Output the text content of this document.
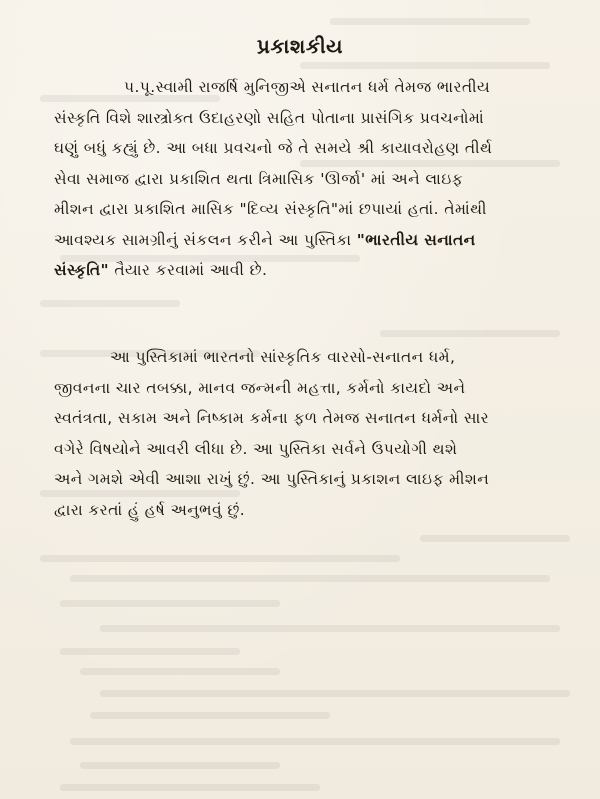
પ્રકાશકીય
પ.પૂ.સ્વામી રાજર્ષિ મુનિજીએ સનાતન ધર્મ તેમજ ભારતીય
સંસ્કૃતિ વિશે શાસ્ત્રોક્ત ઉદાહરણો સહિત પોતાના પ્રાસંગિક પ્રવચનોમાં
ઘણું બધું કહ્યું છે. આ બધા પ્રવચનો જે તે સમયે શ્રી કાયાવરોહણ તીર્થ
સેવા સમાજ દ્વારા પ્રકાશિત થતા ત્રિમાસિક 'ઊર્જા' માં અને લાઇફ
મીશન દ્વારા પ્રકાશિત માસિક "દિવ્ય સંસ્કૃતિ"માં છપાયાં હતાં. તેમાંથી
આવશ્યક સામગ્રીનું સંકલન કરીને આ પુસ્તિકા "ભારતીય સનાતન
સંસ્કૃતિ" તૈયાર કરવામાં આવી છે.
આ પુસ્તિકામાં ભારતનો સાંસ્કૃતિક વારસો-સનાતન ધર્મ,
જીવનના ચાર તબક્કા, માનવ જન્મની મહત્તા, કર્મનો કાયદો અને
સ્વતંત્રતા, સકામ અને નિષ્કામ કર્મના ફળ તેમજ સનાતન ધર્મનો સાર
વગેરે વિષયોને આવરી લીધા છે. આ પુસ્તિકા સર્વને ઉપયોગી થશે
અને ગમશે એવી આશા રાખું છું. આ પુસ્તિકાનું પ્રકાશન લાઇફ મીશન
દ્વારા કરતાં હું હર્ષ અનુભવું છું.
